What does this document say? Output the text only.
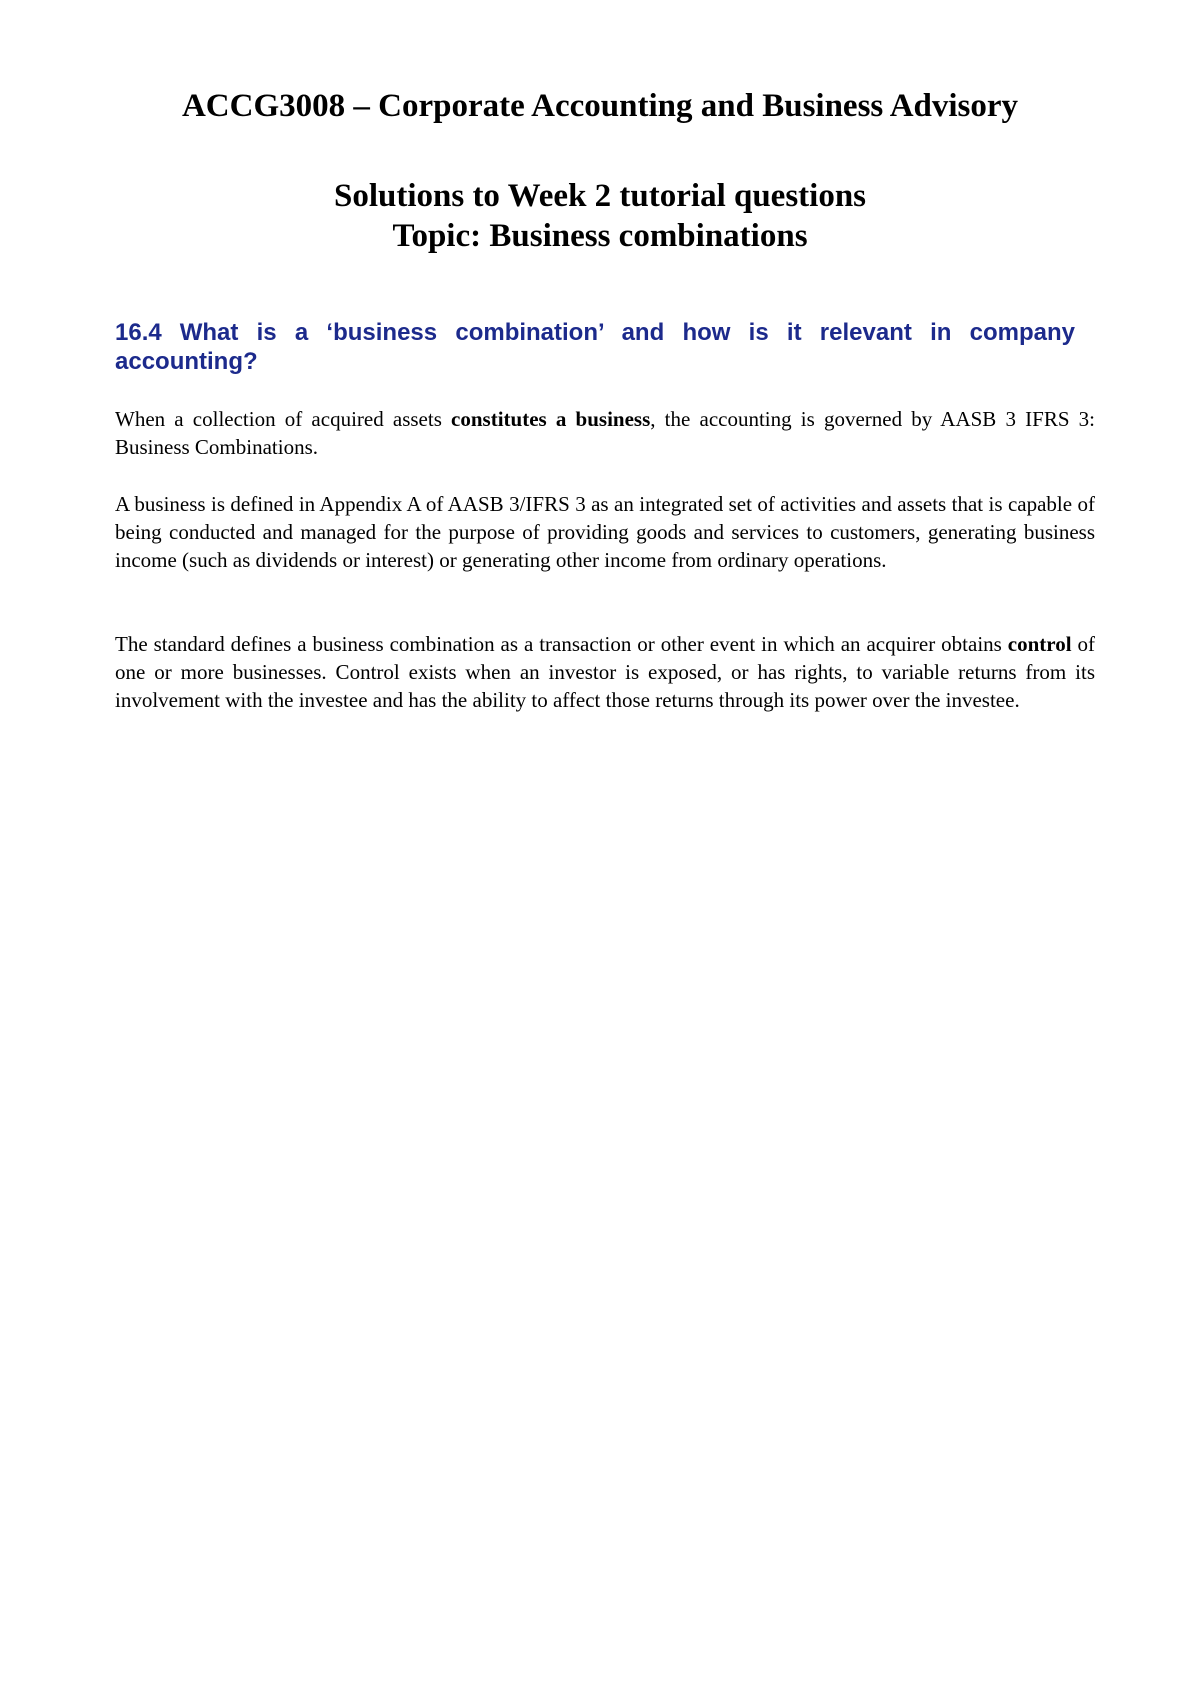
ACCG3008 – Corporate Accounting and Business Advisory
Solutions to Week 2 tutorial questions
Topic: Business combinations
16.4 What is a ‘business combination’ and how is it relevant in company accounting?

When a collection of acquired assets constitutes a business, the accounting is governed by AASB 3 IFRS 3: Business Combinations.

A business is defined in Appendix A of AASB 3/IFRS 3 as an integrated set of activities and assets that is capable of being conducted and managed for the purpose of providing goods and services to customers, generating business income (such as dividends or interest) or generating other income from ordinary operations.

The standard defines a business combination as a transaction or other event in which an acquirer obtains control of one or more businesses. Control exists when an investor is exposed, or has rights, to variable returns from its involvement with the investee and has the ability to affect those returns through its power over the investee.
